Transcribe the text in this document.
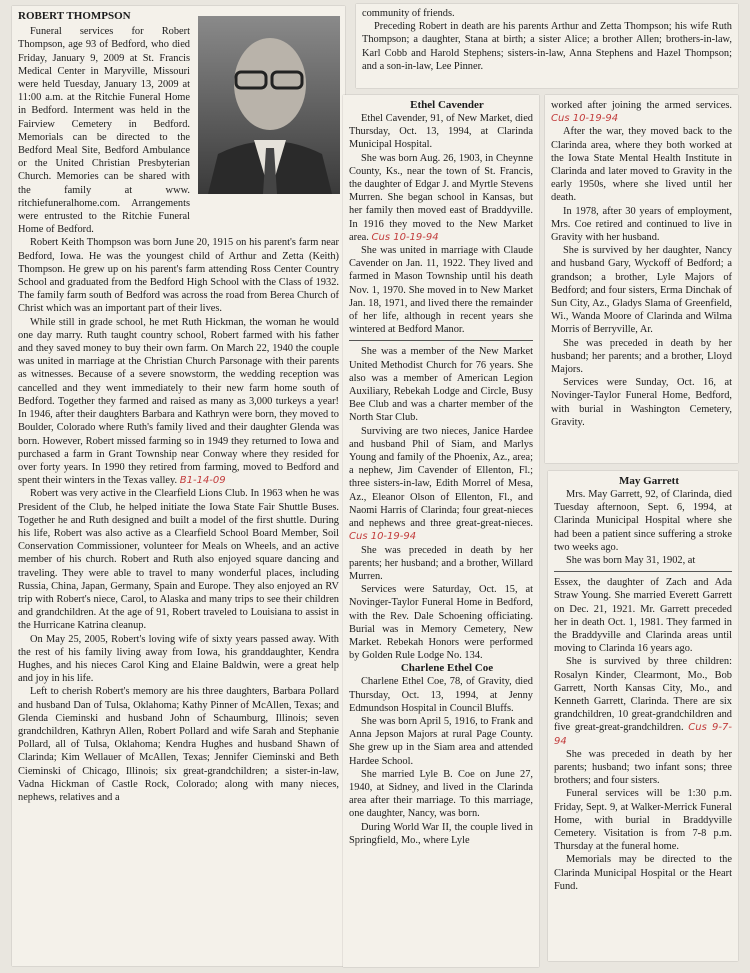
ROBERT THOMPSON

Funeral services for Robert Thompson, age 93 of Bedford, who died Friday, January 9, 2009 at St. Francis Medical Center in Maryville, Missouri were held Tuesday, January 13, 2009 at 11:00 a.m. at the Ritchie Funeral Home in Bedford. Interment was held in the Fairview Cemetery in Bedford. Memorials can be directed to the Bedford Meal Site, Bedford Ambulance or the United Christian Presbyterian Church. Memories can be shared with the family at www. ritchiefuneralhome.com. Arrangements were entrusted to the Ritchie Funeral Home of Bedford.

Robert Keith Thompson was born June 20, 1915 on his parent's farm near Bedford, Iowa. He was the youngest child of Arthur and Zetta (Keith) Thompson. He grew up on his parent's farm attending Ross Center Country School and graduated from the Bedford High School with the Class of 1932. The family farm south of Bedford was across the road from Berea Church of Christ which was an important part of their lives.

While still in grade school, he met Ruth Hickman, the woman he would one day marry. Ruth taught country school, Robert farmed with his father and they saved money to buy their own farm. On March 22, 1940 the couple was united in marriage at the Christian Church Parsonage with their parents as witnesses. Because of a severe snowstorm, the wedding reception was cancelled and they went immediately to their new farm home south of Bedford. Together they farmed and raised as many as 3,000 turkeys a year! In 1946, after their daughters Barbara and Kathryn were born, they moved to Boulder, Colorado where Ruth's family lived and their daughter Glenda was born. However, Robert missed farming so in 1949 they returned to Iowa and purchased a farm in Grant Township near Conway where they resided for over forty years. In 1990 they retired from farming, moved to Bedford and spent their winters in the Texas valley. B1-14-09

Robert was very active in the Clearfield Lions Club. In 1963 when he was President of the Club, he helped initiate the Iowa State Fair Shuttle Buses. Together he and Ruth designed and built a model of the first shuttle. During his life, Robert was also active as a Clearfield School Board Member, Soil Conservation Commissioner, volunteer for Meals on Wheels, and an active member of his church. Robert and Ruth also enjoyed square dancing and traveling. They were able to travel to many wonderful places, including Russia, China, Japan, Germany, Spain and Europe. They also enjoyed an RV trip with Robert's niece, Carol, to Alaska and many trips to see their children and grandchildren. At the age of 91, Robert traveled to Louisiana to assist in the Hurricane Katrina cleanup.

On May 25, 2005, Robert's loving wife of sixty years passed away. With the rest of his family living away from Iowa, his granddaughter, Kendra Hughes, and his nieces Carol King and Elaine Baldwin, were a great help and joy in his life.

Left to cherish Robert's memory are his three daughters, Barbara Pollard and husband Dan of Tulsa, Oklahoma; Kathy Pinner of McAllen, Texas; and Glenda Cieminski and husband John of Schaumburg, Illinois; seven grandchildren, Kathryn Allen, Robert Pollard and wife Sarah and Stephanie Pollard, all of Tulsa, Oklahoma; Kendra Hughes and husband Shawn of Clarinda; Kim Wellauer of McAllen, Texas; Jennifer Cieminski and Beth Cieminski of Chicago, Illinois; six great-grandchildren; a sister-in-law, Vadna Hickman of Castle Rock, Colorado; along with many nieces, nephews, relatives and a

community of friends.

Preceding Robert in death are his parents Arthur and Zetta Thompson; his wife Ruth Thompson; a daughter, Stana at birth; a sister Alice; a brother Allen; brothers-in-law, Karl Cobb and Harold Stephens; sisters-in-law, Anna Stephens and Hazel Thompson; and a son-in-law, Lee Pinner.

Ethel Cavender

Ethel Cavender, 91, of New Market, died Thursday, Oct. 13, 1994, at Clarinda Municipal Hospital.

She was born Aug. 26, 1903, in Cheynne County, Ks., near the town of St. Francis, the daughter of Edgar J. and Myrtle Stevens Murren. She began school in Kansas, but her family then moved east of Braddyville. In 1916 they moved to the New Market area. Cus 10-19-94

She was united in marriage with Claude Cavender on Jan. 11, 1922. They lived and farmed in Mason Township until his death Nov. 1, 1970. She moved in to New Market Jan. 18, 1971, and lived there the remainder of her life, although in recent years she wintered at Bedford Manor.

She was a member of the New Market United Methodist Church for 76 years. She also was a member of American Legion Auxiliary, Rebekah Lodge and Circle, Busy Bee Club and was a charter member of the North Star Club.

Surviving are two nieces, Janice Hardee and husband Phil of Siam, and Marlys Young and family of the Phoenix, Az., area; a nephew, Jim Cavender of Ellenton, Fl.; three sisters-in-law, Edith Morrel of Mesa, Az., Eleanor Olson of Ellenton, Fl., and Naomi Harris of Clarinda; four great-nieces and nephews and three great-great-nieces. Cus 10-19-94

She was preceded in death by her parents; her husband; and a brother, Willard Murren.

Services were Saturday, Oct. 15, at Novinger-Taylor Funeral Home in Bedford, with the Rev. Dale Schoening officiating. Burial was in Memory Cemetery, New Market. Rebekah Honors were performed by Golden Rule Lodge No. 134.

Charlene Ethel Coe

Charlene Ethel Coe, 78, of Gravity, died Thursday, Oct. 13, 1994, at Jenny Edmundson Hospital in Council Bluffs.

She was born April 5, 1916, to Frank and Anna Jepson Majors at rural Page County. She grew up in the Siam area and attended Hardee School.

She married Lyle B. Coe on June 27, 1940, at Sidney, and lived in the Clarinda area after their marriage. To this marriage, one daughter, Nancy, was born.

During World War II, the couple lived in Springfield, Mo., where Lyle

worked after joining the armed services. Cus 10-19-94

After the war, they moved back to the Clarinda area, where they both worked at the Iowa State Mental Health Institute in Clarinda and later moved to Gravity in the early 1950s, where she lived until her death.

In 1978, after 30 years of employment, Mrs. Coe retired and continued to live in Gravity with her husband.

She is survived by her daughter, Nancy and husband Gary, Wyckoff of Bedford; a grandson; a brother, Lyle Majors of Bedford; and four sisters, Erma Dinchak of Sun City, Az., Gladys Slama of Greenfield, Wi., Wanda Moore of Clarinda and Wilma Morris of Berryville, Ar.

She was preceded in death by her husband; her parents; and a brother, Lloyd Majors.

Services were Sunday, Oct. 16, at Novinger-Taylor Funeral Home, Bedford, with burial in Washington Cemetery, Gravity.

May Garrett

Mrs. May Garrett, 92, of Clarinda, died Tuesday afternoon, Sept. 6, 1994, at Clarinda Municipal Hospital where she had been a patient since suffering a stroke two weeks ago.

She was born May 31, 1902, at

Essex, the daughter of Zach and Ada Straw Young. She married Everett Garrett on Dec. 21, 1921. Mr. Garrett preceded her in death Oct. 1, 1981. They farmed in the Braddyville and Clarinda areas until moving to Clarinda 16 years ago.

She is survived by three children: Rosalyn Kinder, Clearmont, Mo., Bob Garrett, North Kansas City, Mo., and Kenneth Garrett, Clarinda. There are six grandchildren, 10 great-grandchildren and five great-great-grandchildren. Cus 9-7-94

She was preceded in death by her parents; husband; two infant sons; three brothers; and four sisters.

Funeral services will be 1:30 p.m. Friday, Sept. 9, at Walker-Merrick Funeral Home, with burial in Braddyville Cemetery. Visitation is from 7-8 p.m. Thursday at the funeral home.

Memorials may be directed to the Clarinda Municipal Hospital or the Heart Fund.
